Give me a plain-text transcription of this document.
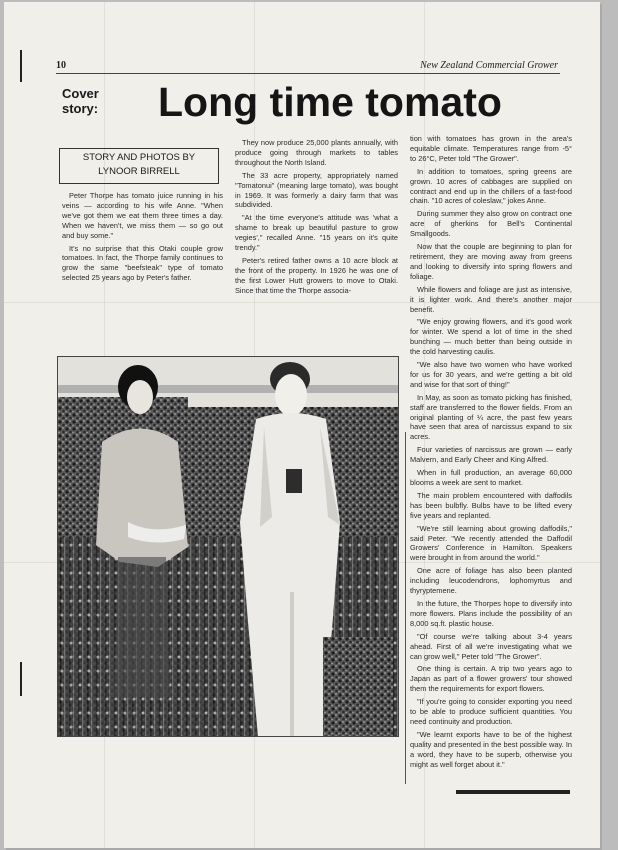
10	New Zealand Commercial Grower
Cover story:	Long time tomato
STORY AND PHOTOS BY LYNOOR BIRRELL

Peter Thorpe has tomato juice running in his veins — according to his wife Anne. "When we've got them we eat them three times a day. When we haven't, we miss them — so go out and buy some."

It's no surprise that this Otaki couple grow tomatoes. In fact, the Thorpe family continues to grow the same "beefsteak" type of tomato selected 25 years ago by Peter's father.

They now produce 25,000 plants annually, with produce going through markets to tables throughout the North Island.

The 33 acre property, appropriately named "Tomatonui" (meaning large tomato), was bought in 1969. It was formerly a dairy farm that was subdivided.

"At the time everyone's attitude was 'what a shame to break up beautiful pasture to grow vegies'," recalled Anne. "15 years on it's quite trendy."

Peter's retired father owns a 10 acre block at the front of the property. In 1926 he was one of the first Lower Hutt growers to move to Otaki. Since that time the Thorpe associa-

tion with tomatoes has grown in the area's equitable climate. Temperatures range from -5° to 26°C, Peter told "The Grower".

In addition to tomatoes, spring greens are grown. 10 acres of cabbages are supplied on contract and end up in the chillers of a fast-food chain. "10 acres of coleslaw," jokes Anne.

During summer they also grow on contract one acre of gherkins for Bell's Continental Smallgoods.

Now that the couple are beginning to plan for retirement, they are moving away from greens and looking to diversify into spring flowers and foliage.

While flowers and foliage are just as intensive, it is lighter work. And there's another major benefit.

"We enjoy growing flowers, and it's good work for winter. We spend a lot of time in the shed bunching — much better than being outside in the cold harvesting caulis.

"We also have two women who have worked for us for 30 years, and we're getting a bit old and wise for that sort of thing!"

In May, as soon as tomato picking has finished, staff are transferred to the flower fields. From an original planting of ¼ acre, the past few years have seen that area of narcissus expand to six acres.

Four varieties of narcissus are grown — early Malvern, and Early Cheer and King Alfred.

When in full production, an average 60,000 blooms a week are sent to market.

The main problem encountered with daffodils has been bulbfly. Bulbs have to be lifted every five years and replanted.

"We're still learning about growing daffodils," said Peter. "We recently attended the Daffodil Growers' Conference in Hamilton. Speakers were brought in from around the world."

One acre of foliage has also been planted including leucodendrons, lophomyrtus and thyryptemene.

In the future, the Thorpes hope to diversify into more flowers. Plans include the possibility of an 8,000 sq.ft. plastic house.

"Of course we're talking about 3-4 years ahead. First of all we're investigating what we can grow well," Peter told "The Grower".

One thing is certain. A trip two years ago to Japan as part of a flower growers' tour showed them the requirements for export flowers.

"If you're going to consider exporting you need to be able to produce sufficient quantities. You need continuity and production.

"We learnt exports have to be of the highest quality and presented in the best possible way. In a word, they have to be superb, otherwise you might as well forget about it."
